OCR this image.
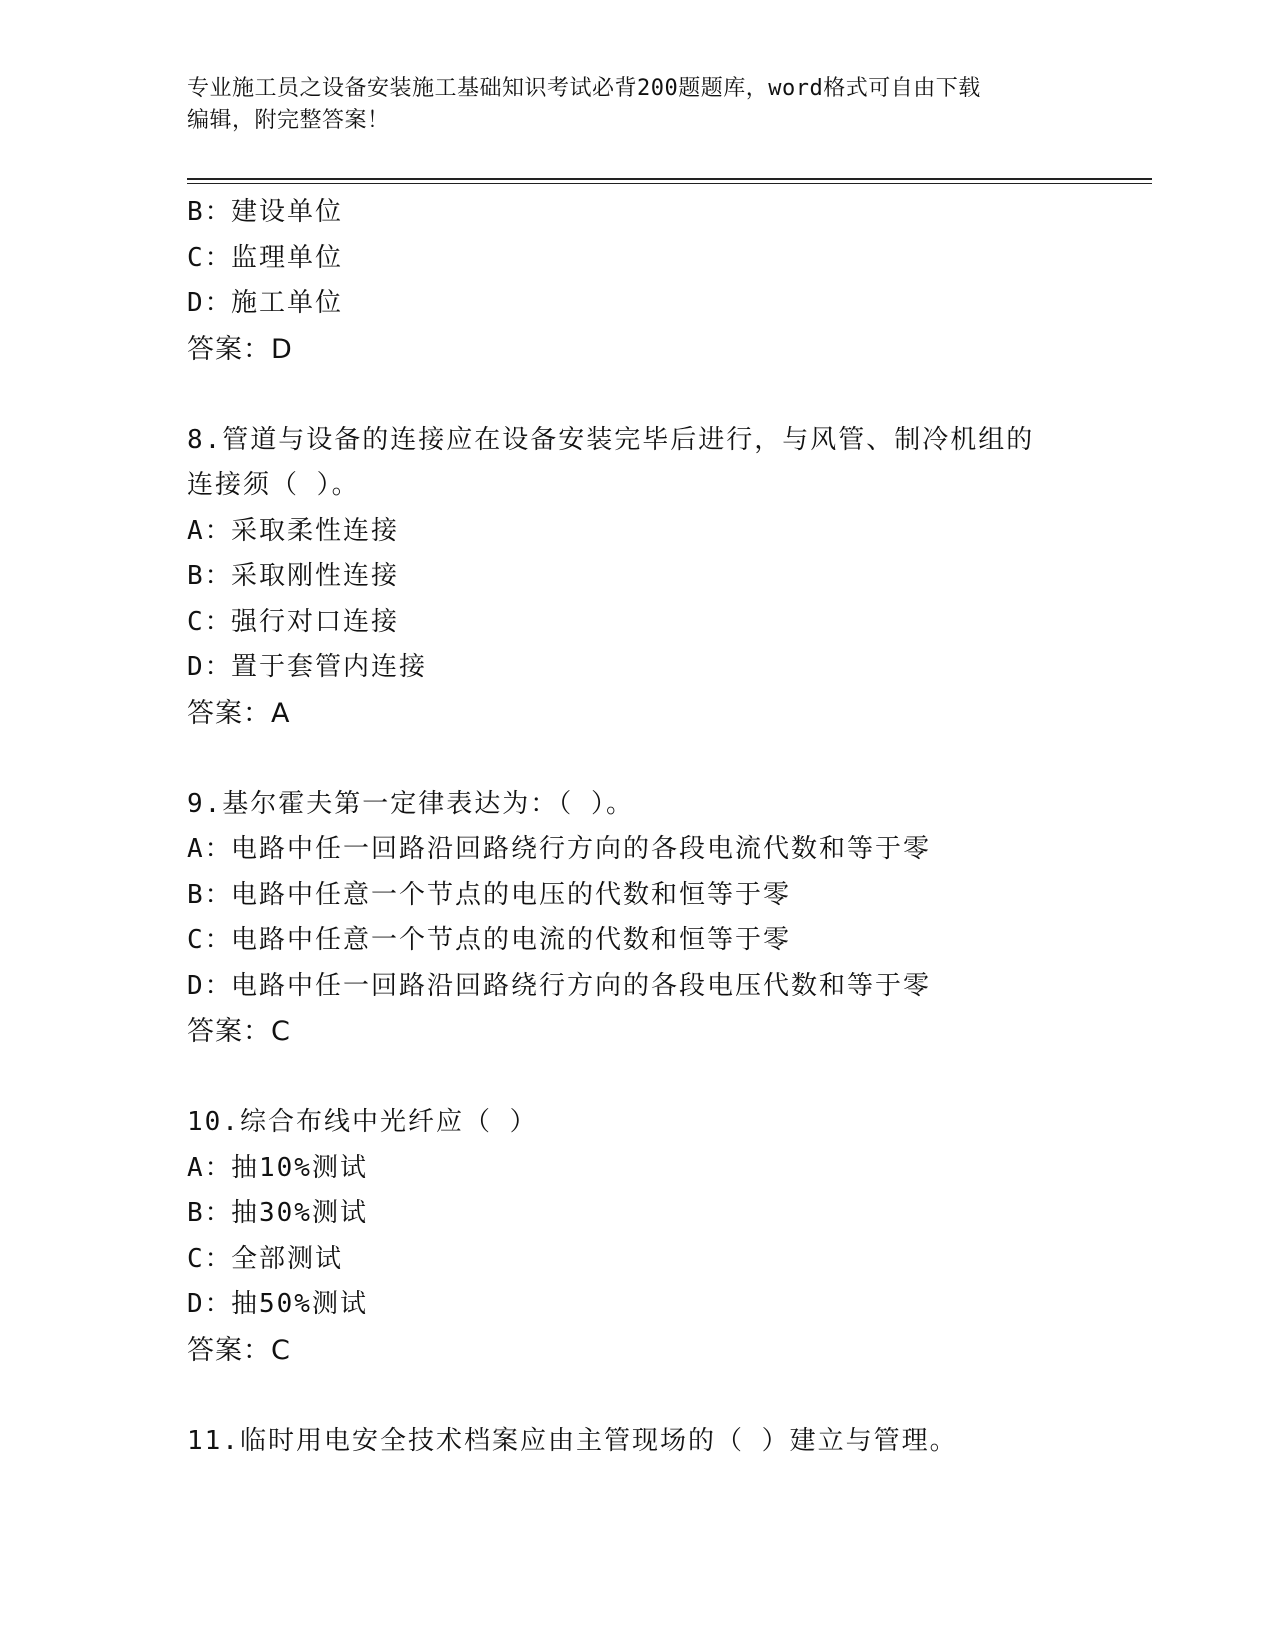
专业施工员之设备安装施工基础知识考试必背200题题库，word格式可自由下载
编辑，附完整答案！
B：建设单位
C：监理单位
D：施工单位
答案：D
8.管道与设备的连接应在设备安装完毕后进行，与风管、制冷机组的
连接须（ ）。
A：采取柔性连接
B：采取刚性连接
C：强行对口连接
D：置于套管内连接
答案：A
9.基尔霍夫第一定律表达为：（ ）。
A：电路中任一回路沿回路绕行方向的各段电流代数和等于零
B：电路中任意一个节点的电压的代数和恒等于零
C：电路中任意一个节点的电流的代数和恒等于零
D：电路中任一回路沿回路绕行方向的各段电压代数和等于零
答案：C
10.综合布线中光纤应（ ）
A：抽10%测试
B：抽30%测试
C：全部测试
D：抽50%测试
答案：C
11.临时用电安全技术档案应由主管现场的（ ）建立与管理。
